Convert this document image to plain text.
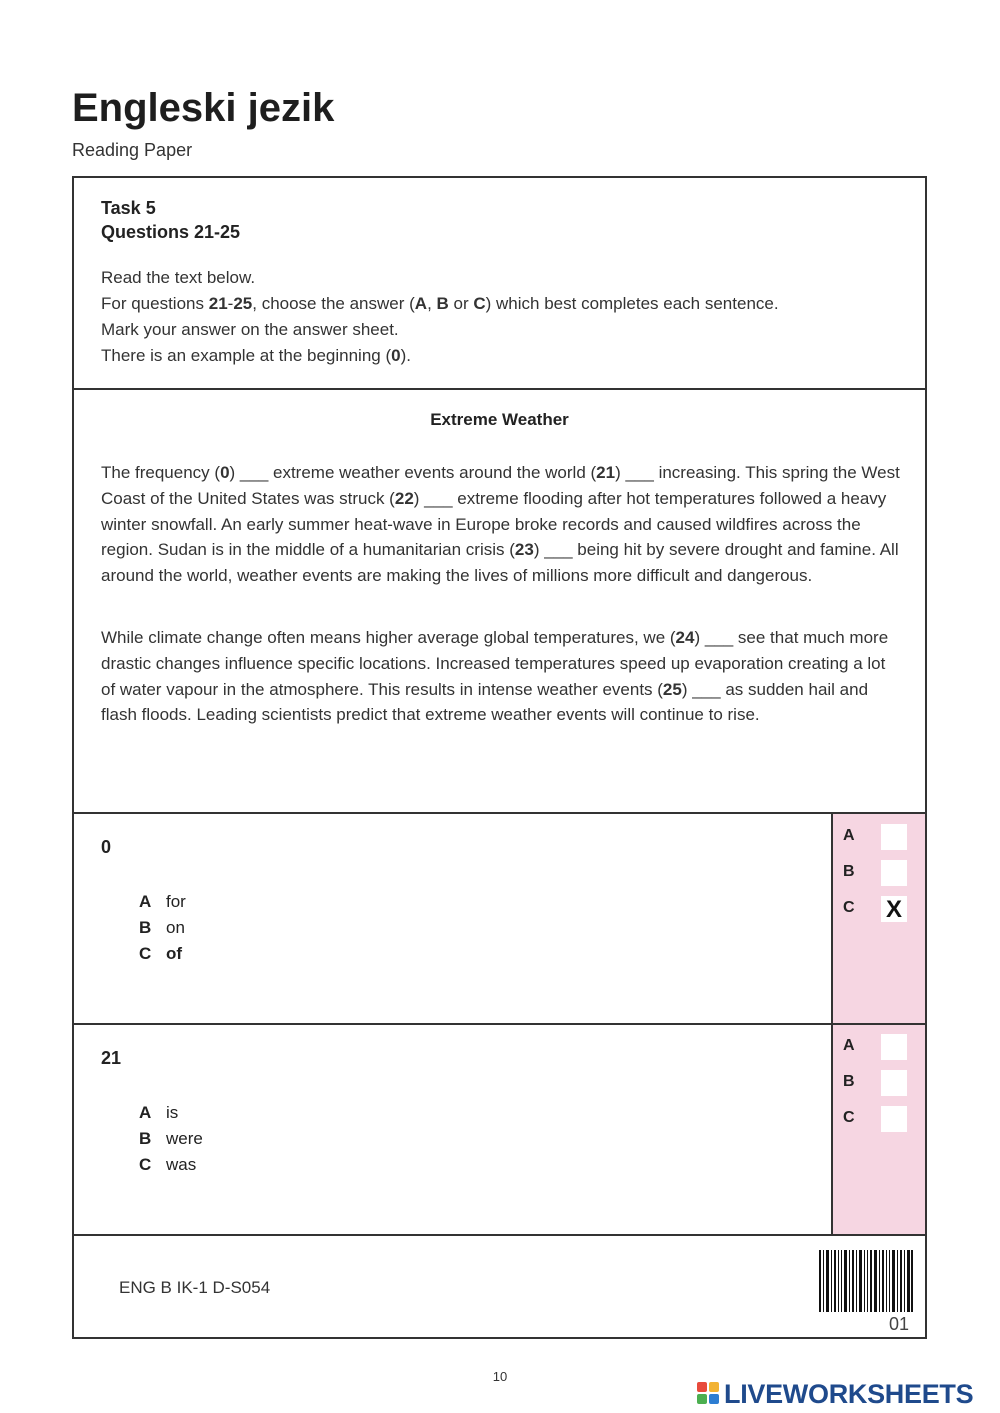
Engleski jezik
Reading Paper
Task 5
Questions 21-25
Read the text below.
For questions 21-25, choose the answer (A, B or C) which best completes each sentence.
Mark your answer on the answer sheet.
There is an example at the beginning (0).
Extreme Weather

The frequency (0) ___ extreme weather events around the world (21) ___ increasing. This spring the West Coast of the United States was struck (22) ___ extreme flooding after hot temperatures followed a heavy winter snowfall. An early summer heat-wave in Europe broke records and caused wildfires across the region. Sudan is in the middle of a humanitarian crisis (23) ___ being hit by severe drought and famine. All around the world, weather events are making the lives of millions more difficult and dangerous.

While climate change often means higher average global temperatures, we (24) ___ see that much more drastic changes influence specific locations. Increased temperatures speed up evaporation creating a lot of water vapour in the atmosphere. This results in intense weather events (25) ___ as sudden hail and flash floods. Leading scientists predict that extreme weather events will continue to rise.

0
A for
B on
C of
A
B
C X
21
A is
B were
C was
A
B
C
ENG B IK-1 D-S054
01
10
LIVEWORKSHEETS
